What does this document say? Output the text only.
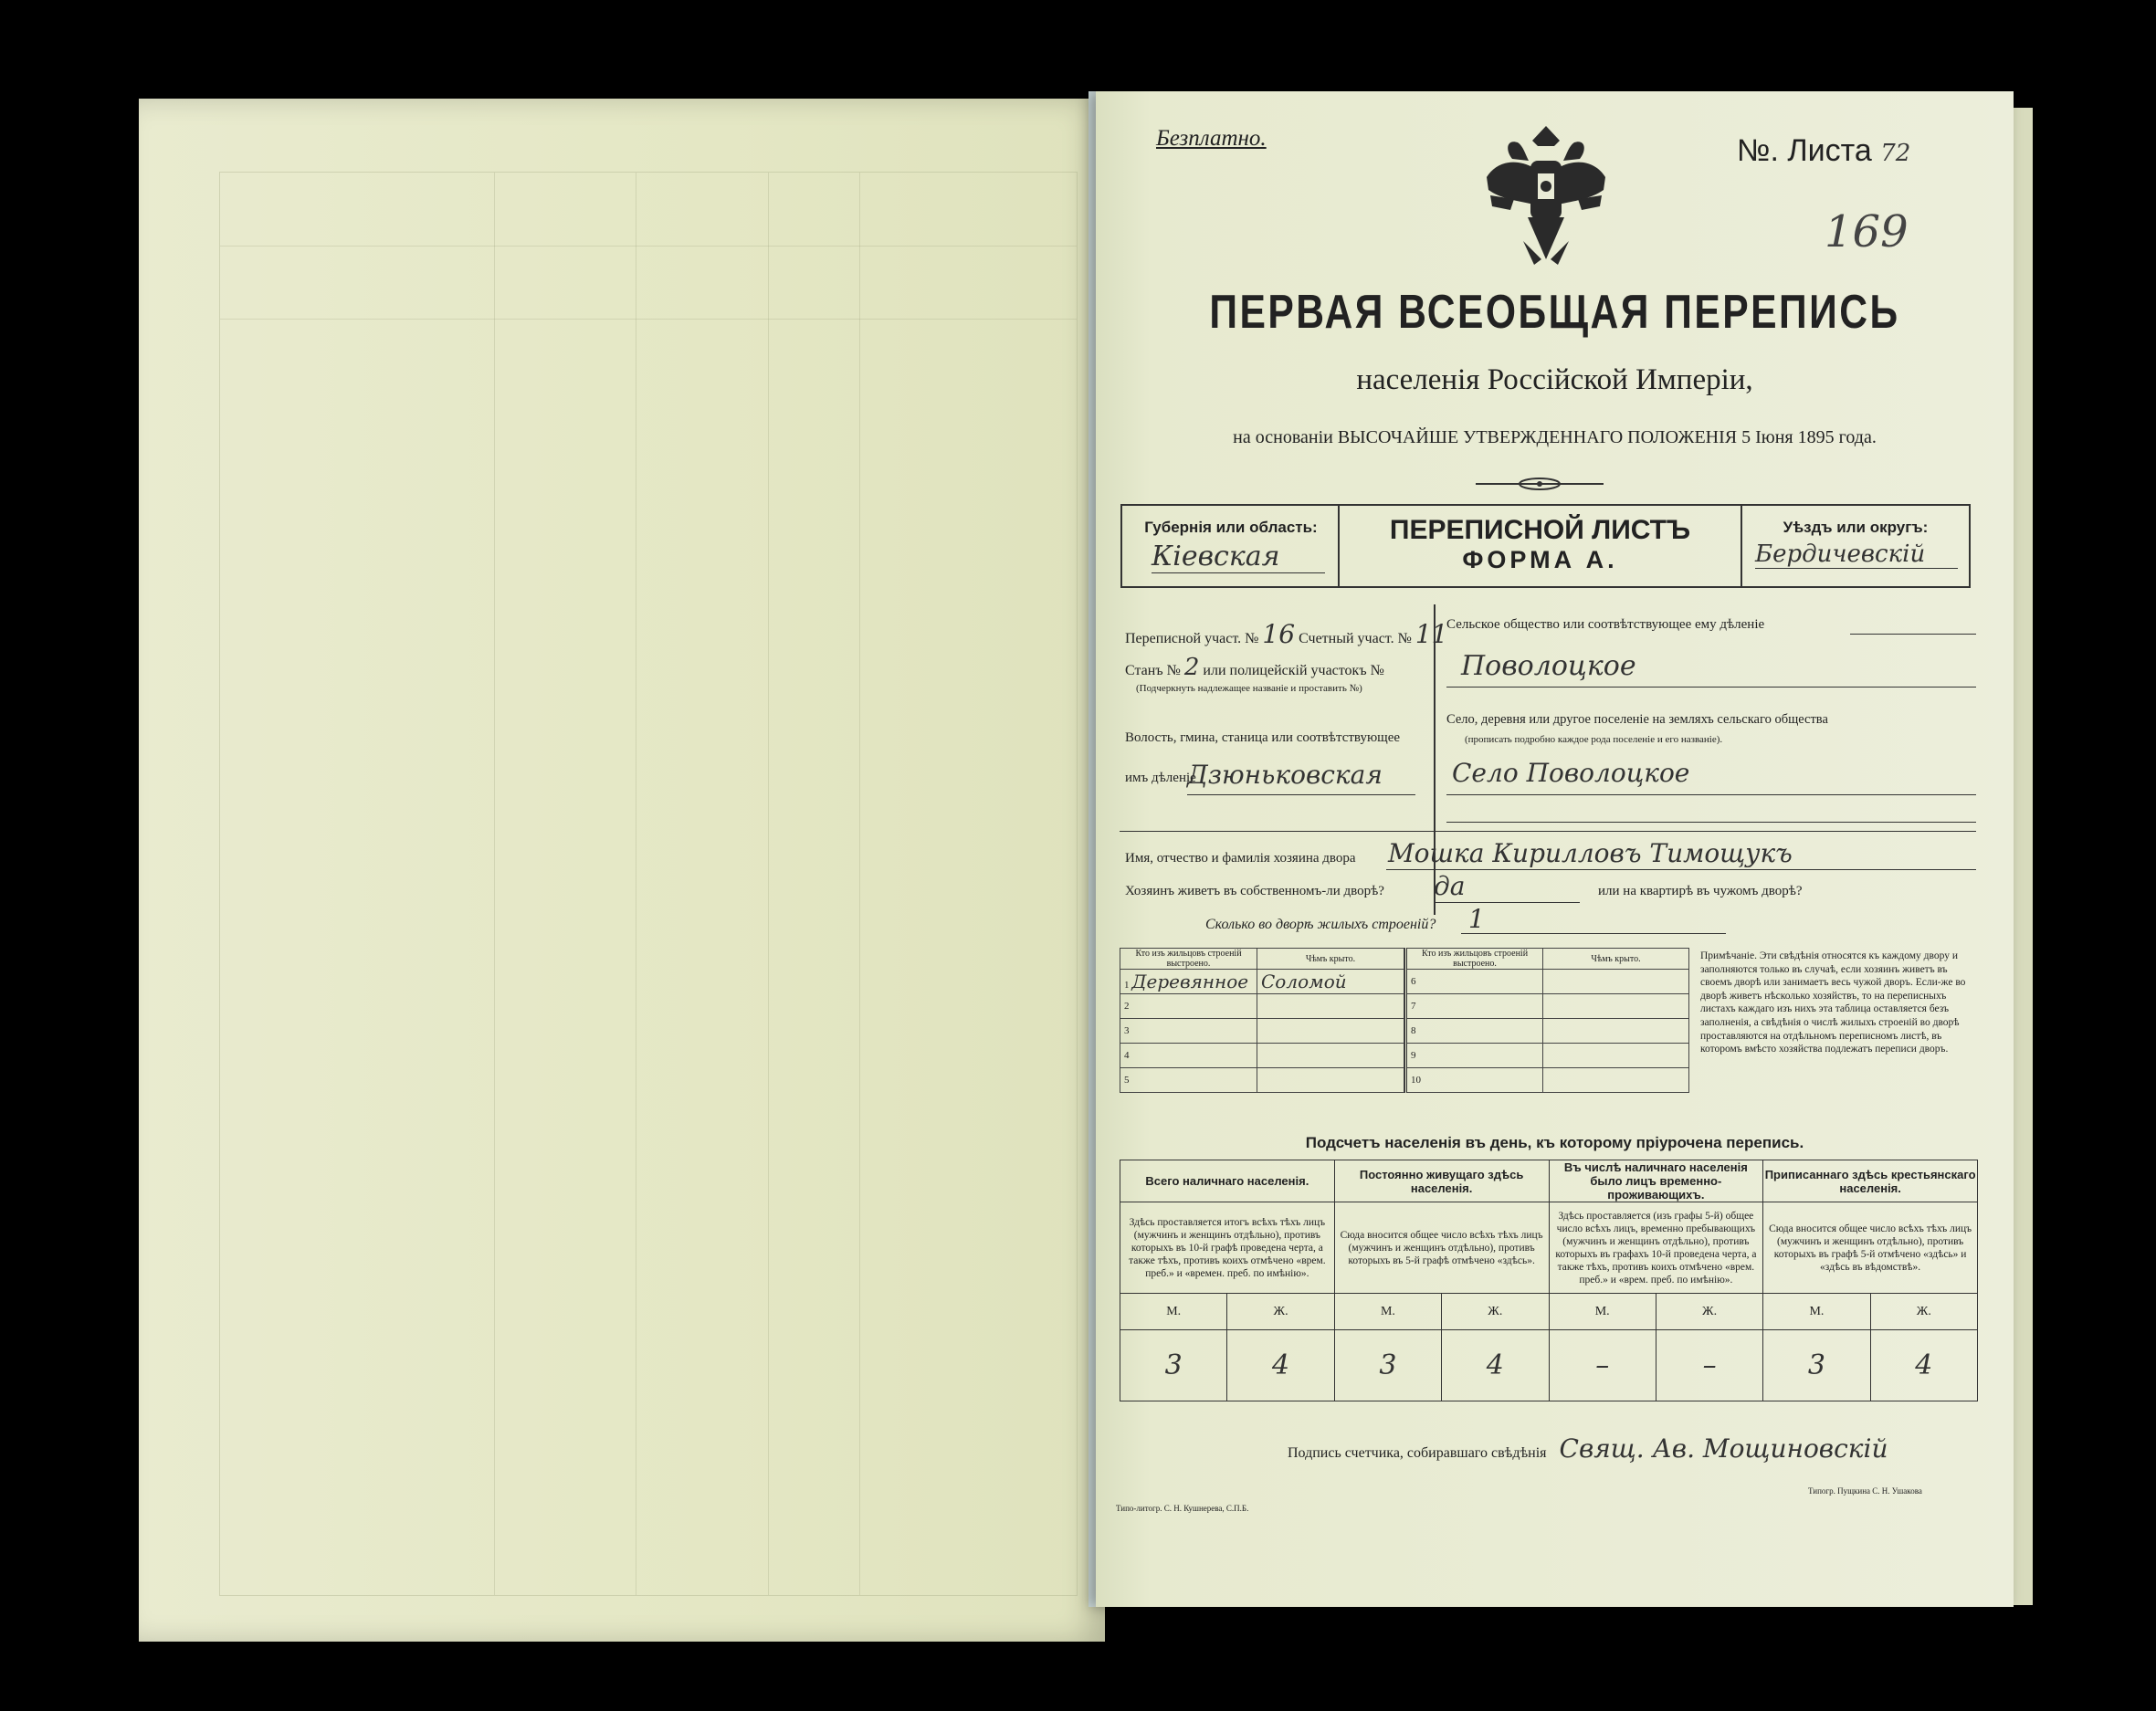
Безплатно.	№. Листа 72
169
ПЕРВАЯ ВСЕОБЩАЯ ПЕРЕПИСЬ
населенія Россійской Имперіи,
на основаніи ВЫСОЧАЙШЕ УТВЕРЖДЕННАГО ПОЛОЖЕНІЯ 5 Іюня 1895 года.
Губернія или область:
Кіевская
ПЕРЕПИСНОЙ ЛИСТЪ
ФОРМА А.
Уѣздъ или округъ:
Бердичевскій
Переписной участ. № 16 Счетный участ. № 11
Станъ № 2 или полицейскій участокъ №
(Подчеркнуть надлежащее названіе и проставить №)
Волость, гмина, станица или соотвѣтствующее
имъ дѣленіе
Дзюньковская
Сельское общество или соотвѣтствующее ему дѣленіе
Поволоцкое
Село, деревня или другое поселеніе на земляхъ сельскаго общества
(прописать подробно каждое рода поселеніе и его названіе).
Село Поволоцкое
Имя, отчество и фамилія хозяина двора Мошка Кирилловъ Тимощукъ
Хозяинъ живетъ въ собственномъ-ли дворѣ? да	или на квартирѣ въ чужомъ дворѣ?
Сколько во дворѣ жилыхъ строеній? 1
Кто изъ жильцовъ строеній выстроено.	Чѣмъ крыто.
1 Деревянное	Соломой
2	
3	
4	
5	
Кто изъ жильцовъ строеній выстроено.	Чѣмъ крыто.
6	
7	
8	
9	
10	
Примѣчаніе. Эти свѣдѣнія относятся къ каждому двору и заполняются только въ случаѣ, если хозяинъ живетъ въ своемъ дворѣ или занимаетъ весь чужой дворъ. Если-же во дворѣ живетъ нѣсколько хозяйствъ, то на переписныхъ листахъ каждаго изъ нихъ эта таблица оставляется безъ заполненія, а свѣдѣнія о числѣ жилыхъ строеній во дворѣ проставляются на отдѣльномъ переписномъ листѣ, въ которомъ вмѣсто хозяйства подлежатъ переписи дворъ.
Подсчетъ населенія въ день, къ которому пріурочена перепись.
Всего наличнаго населенія.		Постоянно живущаго здѣсь населенія.		Въ числѣ наличнаго населенія было лицъ временно-проживающихъ.		Приписаннаго здѣсь крестьянскаго населенія.	
Здѣсь проставляется итогъ всѣхъ тѣхъ лицъ (мужчинъ и женщинъ отдѣльно), противъ которыхъ въ 10-й графѣ проведена черта, а также тѣхъ, противъ коихъ отмѣчено «врем. преб.» и «времен. преб. по имѣнію».		Сюда вносится общее число всѣхъ тѣхъ лицъ (мужчинъ и женщинъ отдѣльно), противъ которыхъ въ 5-й графѣ отмѣчено «здѣсь».		Здѣсь проставляется (изъ графы 5-й) общее число всѣхъ лицъ, временно пребывающихъ (мужчинъ и женщинъ отдѣльно), противъ которыхъ въ графахъ 10-й проведена черта, а также тѣхъ, противъ коихъ отмѣчено «врем. преб.» и «врем. преб. по имѣнію».		Сюда вносится общее число всѣхъ тѣхъ лицъ (мужчинъ и женщинъ отдѣльно), противъ которыхъ въ графѣ 5-й отмѣчено «здѣсь» и «здѣсь въ вѣдомствѣ».	
М.	Ж.	М.	Ж.	М.	Ж.	М.	Ж.
3	4	3	4	–	–	3	4
Подпись счетчика, собиравшаго свѣдѣнія Свящ. Ав. Мощиновскій
Типо-литогр. С. Н. Кушнерева, С.П.Б.
Типогр. Пущкина С. Н. Ушакова
